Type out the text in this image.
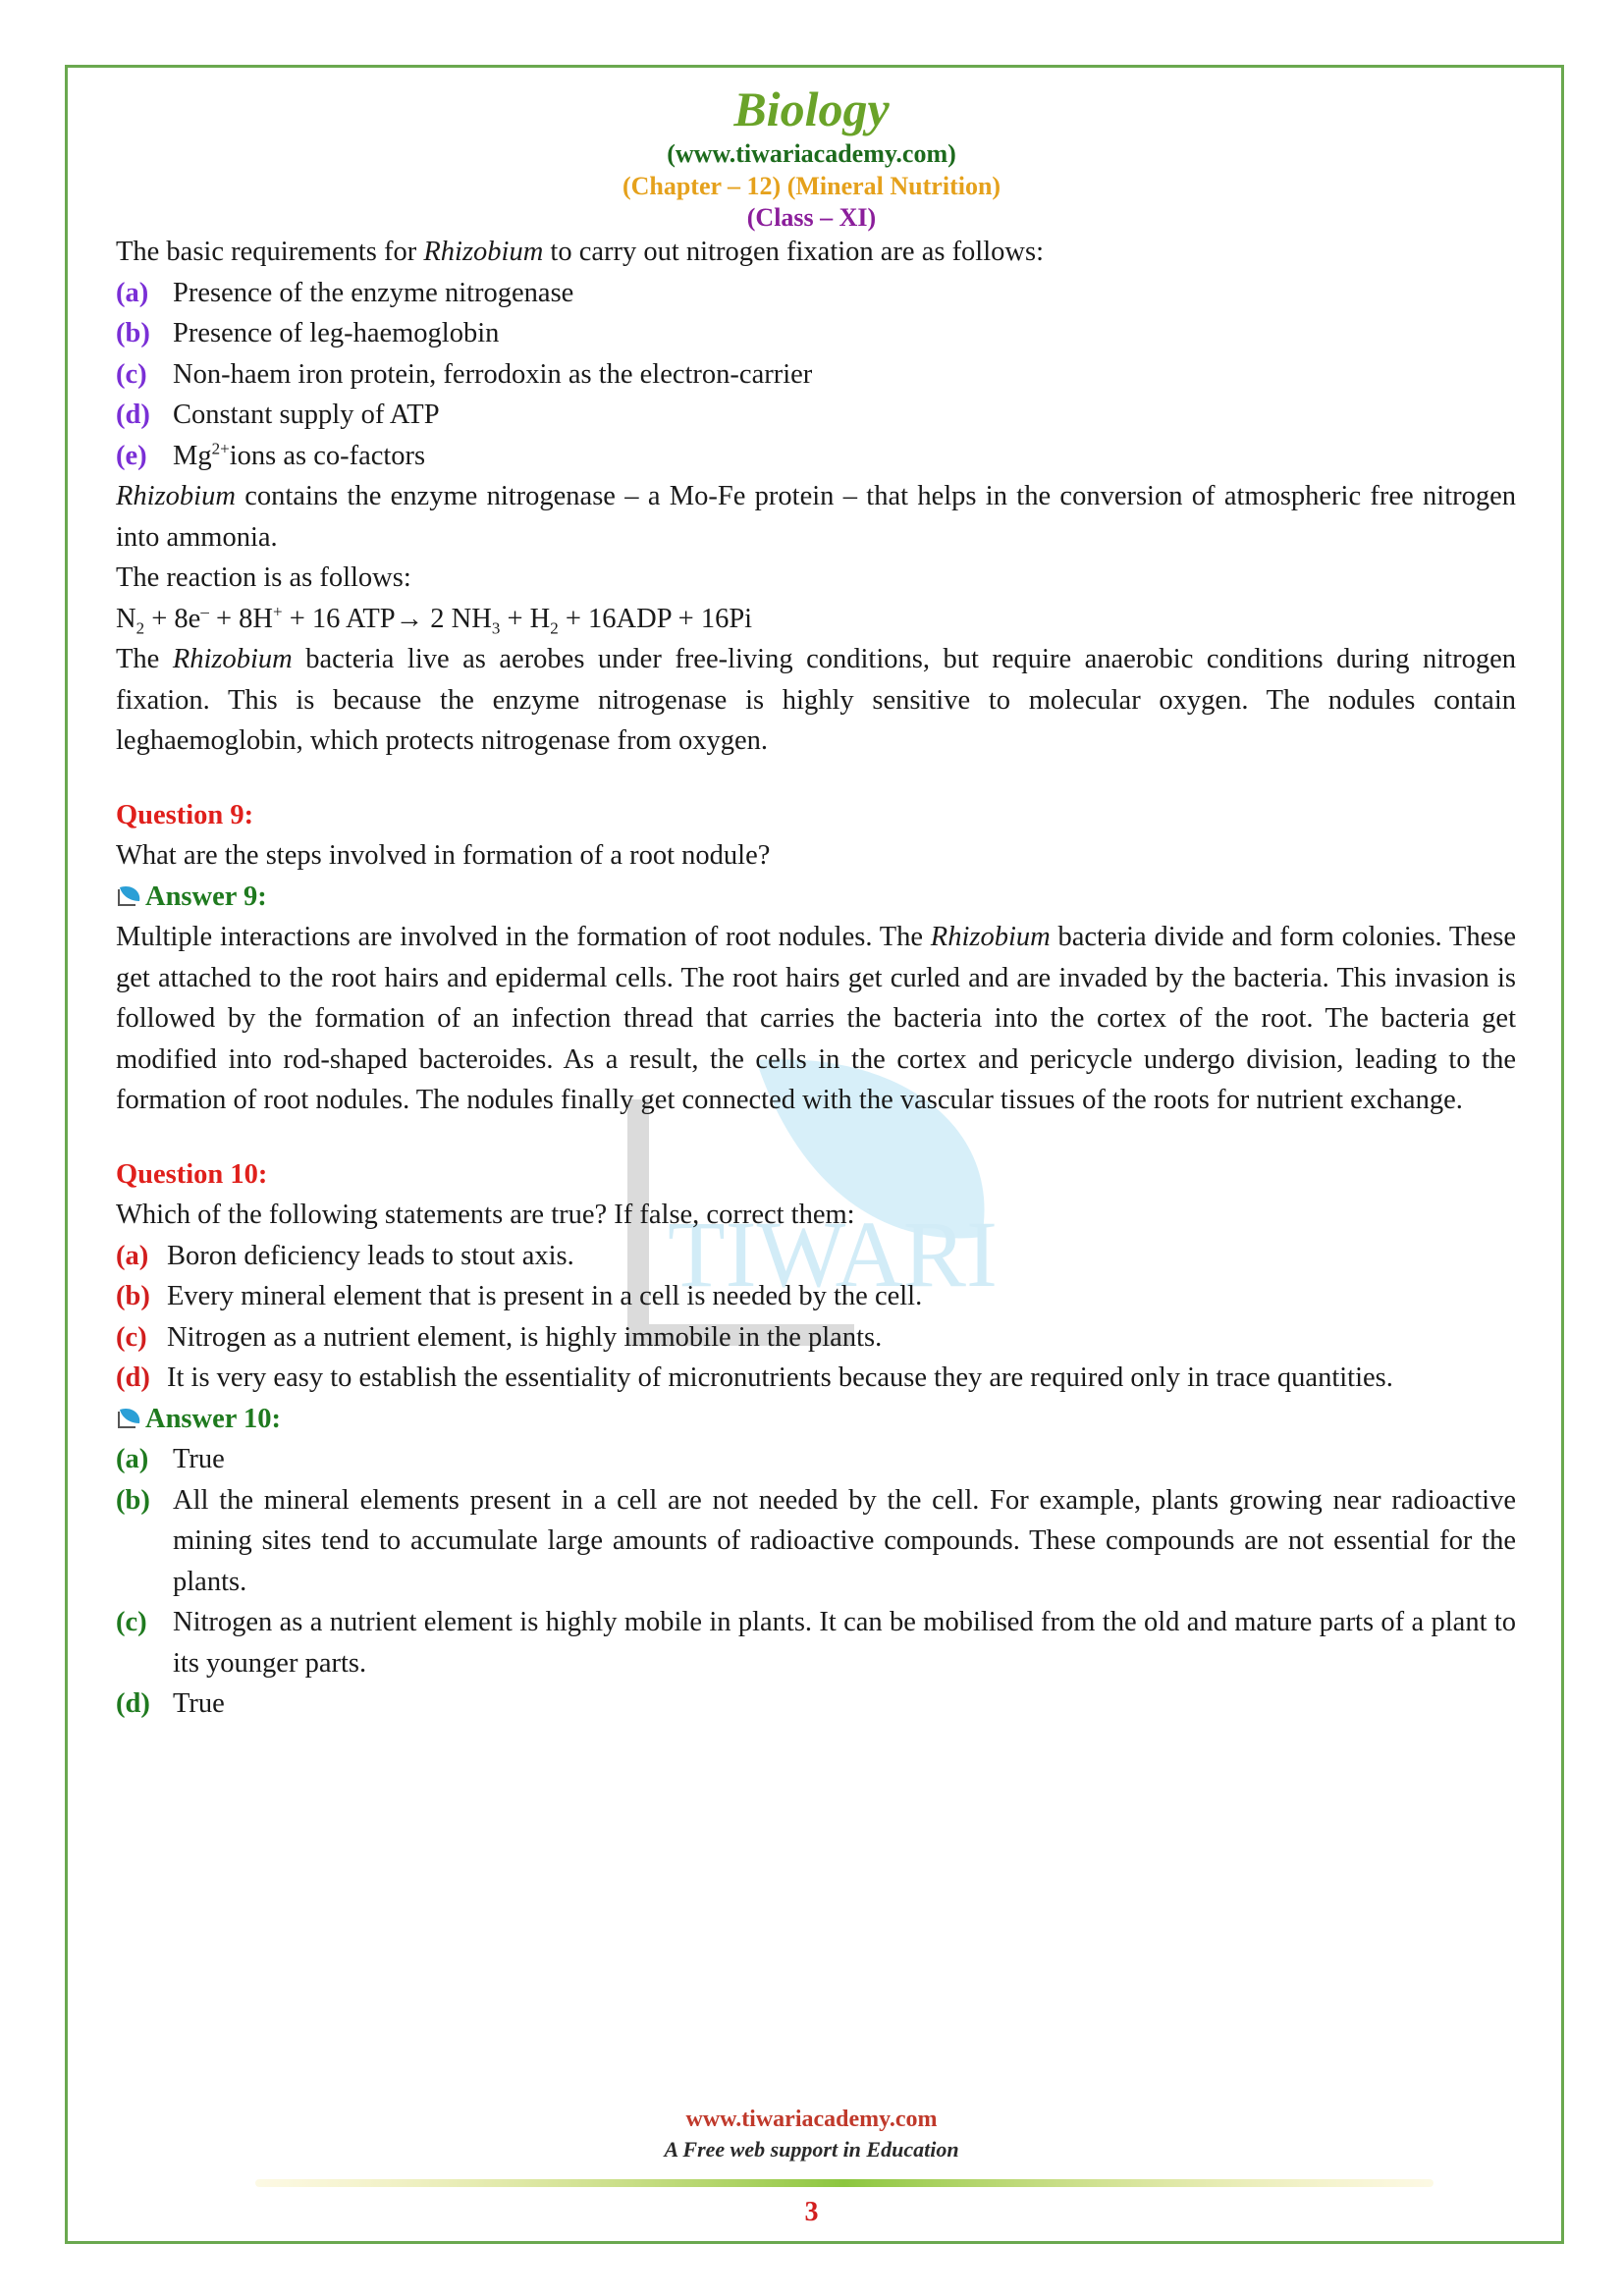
TIWARI
Biology
(www.tiwariacademy.com)
(Chapter – 12) (Mineral Nutrition)
(Class – XI)

The basic requirements for Rhizobium to carry out nitrogen fixation are as follows:

(a) Presence of the enzyme nitrogenase
(b) Presence of leg-haemoglobin
(c) Non-haem iron protein, ferrodoxin as the electron-carrier
(d) Constant supply of ATP
(e) $Mg^{2+}ions$ as co-factors

Rhizobium contains the enzyme nitrogenase – a Mo-Fe protein – that helps in the conversion of atmospheric free nitrogen into ammonia.

The reaction is as follows:

$N_2 + 8e^- + 8H^+ + 16$ ATP→ 2 $NH_3 + H_2 + 16ADP + 16Pi$

The Rhizobium bacteria live as aerobes under free-living conditions, but require anaerobic conditions during nitrogen fixation. This is because the enzyme nitrogenase is highly sensitive to molecular oxygen. The nodules contain leghaemoglobin, which protects nitrogenase from oxygen.

Question 9:

What are the steps involved in formation of a root nodule?

Answer 9:

Multiple interactions are involved in the formation of root nodules. The Rhizobium bacteria divide and form colonies. These get attached to the root hairs and epidermal cells. The root hairs get curled and are invaded by the bacteria. This invasion is followed by the formation of an infection thread that carries the bacteria into the cortex of the root. The bacteria get modified into rod-shaped bacteroides. As a result, the cells in the cortex and pericycle undergo division, leading to the formation of root nodules. The nodules finally get connected with the vascular tissues of the roots for nutrient exchange.

Question 10:

Which of the following statements are true? If false, correct them:

(a) Boron deficiency leads to stout axis.
(b) Every mineral element that is present in a cell is needed by the cell.
(c) Nitrogen as a nutrient element, is highly immobile in the plants.
(d) It is very easy to establish the essentiality of micronutrients because they are required only in trace quantities.
Answer 10:
(a) True
(b) All the mineral elements present in a cell are not needed by the cell. For example, plants growing near radioactive mining sites tend to accumulate large amounts of radioactive compounds. These compounds are not essential for the plants.
(c) Nitrogen as a nutrient element is highly mobile in plants. It can be mobilised from the old and mature parts of a plant to its younger parts.
(d) True
www.tiwariacademy.com
A Free web support in Education
3
